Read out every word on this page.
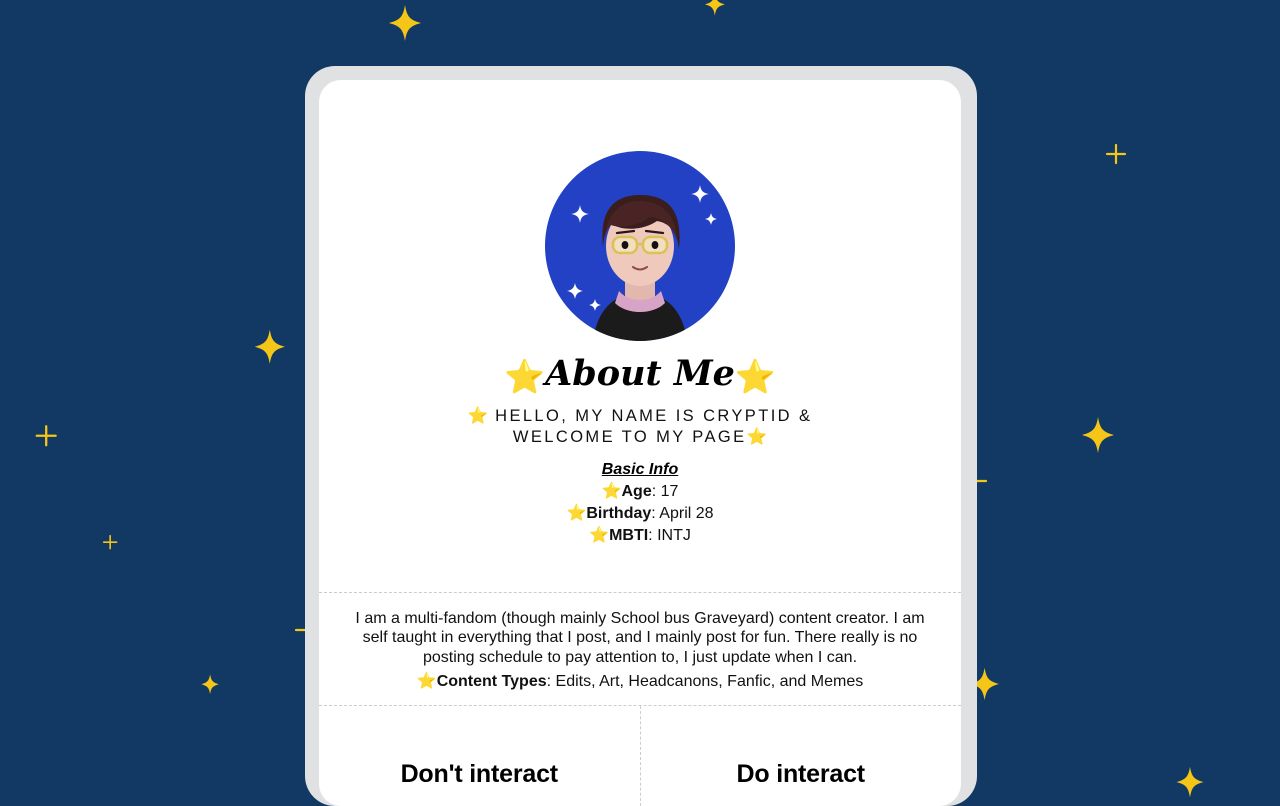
⭐About Me⭐
⭐ HELLO, MY NAME IS CRYPTID & WELCOME TO MY PAGE⭐
Basic Info
⭐Age: 17
⭐Birthday: April 28
⭐MBTI: INTJ
I am a multi-fandom (though mainly School bus Graveyard) content creator. I am self taught in everything that I post, and I mainly post for fun. There really is no posting schedule to pay attention to, I just update when I can.
⭐Content Types: Edits, Art, Headcanons, Fanfic, and Memes
Don't interact	Do interact
